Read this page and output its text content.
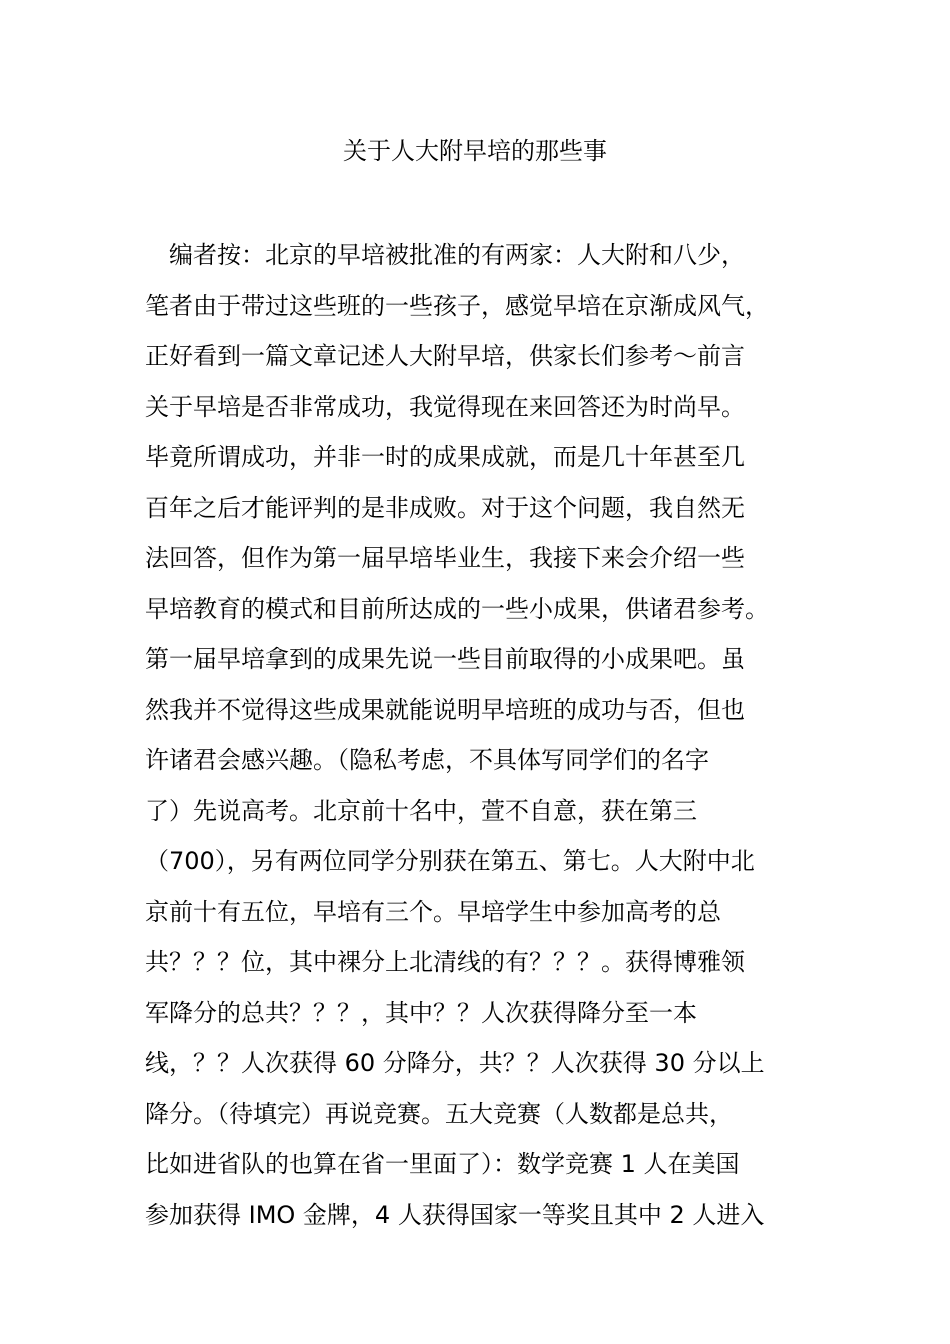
关于人大附早培的那些事
　编者按：北京的早培被批准的有两家：人大附和八少，
笔者由于带过这些班的一些孩子，感觉早培在京渐成风气，
正好看到一篇文章记述人大附早培，供家长们参考～前言
关于早培是否非常成功，我觉得现在来回答还为时尚早。
毕竟所谓成功，并非一时的成果成就，而是几十年甚至几
百年之后才能评判的是非成败。对于这个问题，我自然无
法回答，但作为第一届早培毕业生，我接下来会介绍一些
早培教育的模式和目前所达成的一些小成果，供诸君参考。
第一届早培拿到的成果先说一些目前取得的小成果吧。虽
然我并不觉得这些成果就能说明早培班的成功与否，但也
许诸君会感兴趣。（隐私考虑，不具体写同学们的名字
了）先说高考。北京前十名中，萱不自意，获在第三
（700），另有两位同学分别获在第五、第七。人大附中北
京前十有五位，早培有三个。早培学生中参加高考的总
共？？？位，其中裸分上北清线的有？？？。获得博雅领
军降分的总共？？？，其中？？人次获得降分至一本
线，？？人次获得 60 分降分，共？？人次获得 30 分以上
降分。（待填完）再说竞赛。五大竞赛（人数都是总共，
比如进省队的也算在省一里面了）：数学竞赛 1 人在美国
参加获得 IMO 金牌，4 人获得国家一等奖且其中 2 人进入
